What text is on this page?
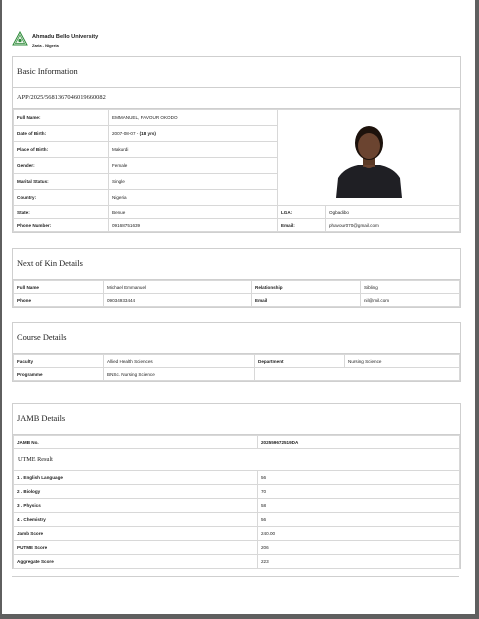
Ahmadu Bello University
Zaria - Nigeria
Basic Information
APP/2025/568136704601966008​2
Full Name:	EMMANUEL, FAVOUR OKODO	

Date of Birth:	2007-08-07 - (18 yrs)		
Place of Birth:	Makurdi		
Gender:	Female		
Marital Status:	Single		
Country:	Nigeria		
State:	Benue	LGA:	Ogbadibo
Phone Number:	09168751639	Email:	phavour070@gmail.com
Next of Kin Details
Full Name	Michael Emmanuel	Relationship	Sibling
Phone	09034933444	Email	nil@mil.com
Course Details
Faculty	Allied Health Sciences	Department	Nursing Science
Programme	BNSc. Nursing Science		
JAMB Details
JAMB No.	202559672519DA
UTME Result
1 . English Language	56
2 . Biology	70
3 . Physics	58
4 . Chemistry	56
Jamb Score	240.00
PUTME Score	206
Aggregate Score	223
